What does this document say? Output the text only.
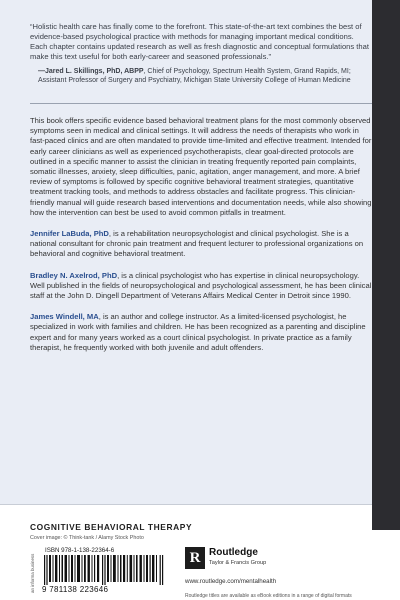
“Holistic health care has finally come to the forefront. This state-of-the-art text combines the best of evidence-based psychological practice with methods for managing important medical conditions. Each chapter contains updated research as well as fresh diagnostic and conceptual formulations that make this text useful for both early-career and seasoned professionals.”

—Jared L. Skillings, PhD, ABPP, Chief of Psychology, Spectrum Health System, Grand Rapids, MI; Assistant Professor of Surgery and Psychiatry, Michigan State University College of Human Medicine

This book offers specific evidence based behavioral treatment plans for the most commonly observed symptoms seen in medical and clinical settings. It will address the needs of therapists who work in fast-paced clinics and are often mandated to provide time-limited and effective treatment. Intended for early career clinicians as well as experienced psychotherapists, clear goal-directed protocols are outlined in a specific manner to assist the clinician in treating frequently reported pain complaints, somatic illnesses, anxiety, sleep difficulties, panic, agitation, anger management, and more. A brief review of symptoms is followed by specific cognitive behavioral treatment strategies, quantitative treatment tracking tools, and methods to address obstacles and facilitate progress. This clinician-friendly manual will guide research based interventions and documentation needs, while also showing how the intervention can best be used to avoid common pitfalls in treatment.

Jennifer LaBuda, PhD, is a rehabilitation neuropsychologist and clinical psychologist. She is a national consultant for chronic pain treatment and frequent lecturer to professional organizations on behavioral and cognitive behavioral treatment.

Bradley N. Axelrod, PhD, is a clinical psychologist who has expertise in clinical neuropsychology. Well published in the fields of neuropsychological and psychological assessment, he has been clinical staff at the John D. Dingell Department of Veterans Affairs Medical Center in Detroit since 1990.

James Windell, MA, is an author and college instructor. As a limited-licensed psychologist, he specialized in work with families and children. He has been recognized as a parenting and discipline expert and for many years worked as a court clinical psychologist. In private practice as a family therapist, he frequently worked with both juvenile and adult offenders.

COGNITIVE BEHAVIORAL THERAPY
Cover image: © Think-tank / Alamy Stock Photo
an informa business
ISBN 978-1-138-22364-6
9 781138 223646
R Routledge
Taylor & Francis Group
www.routledge.com/mentalhealth
Routledge titles are available as eBook editions in a range of digital formats
